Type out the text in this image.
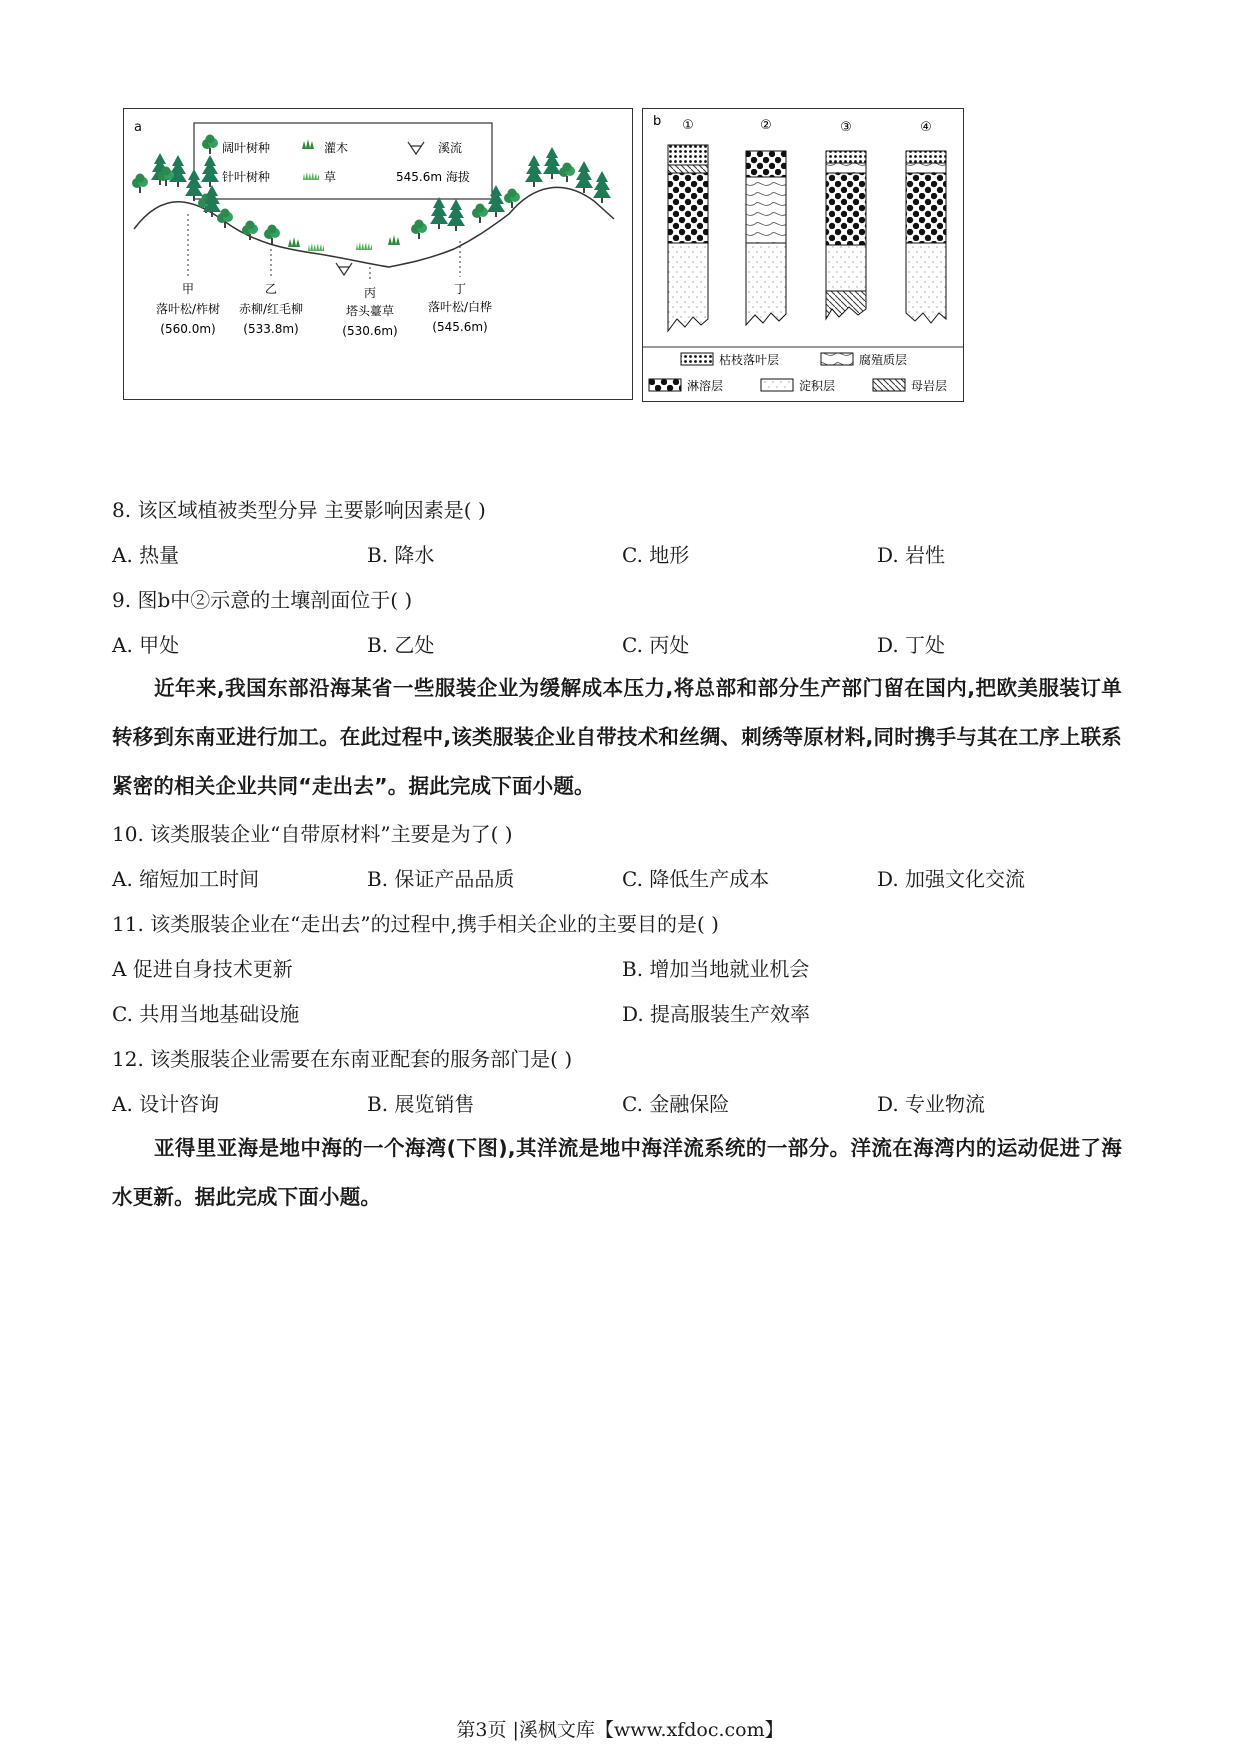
a
阔叶树种	灌木	溪流
针叶树种	草	545.6m 海拔
甲
落叶松/柞树
(560.0m)
乙
赤柳/红毛柳
(533.8m)
丙
塔头薹草
(530.6m)
丁
落叶松/白桦
(545.6m)
b ①	②	③	④
枯枝落叶层	腐殖质层
淋溶层	淀积层	母岩层
8. 该区域植被类型分异 主要影响因素是( )
A. 热量	B. 降水	C. 地形	D. 岩性
9. 图b中②示意的土壤剖面位于( )
A. 甲处	B. 乙处	C. 丙处	D. 丁处
近年来,我国东部沿海某省一些服装企业为缓解成本压力,将总部和部分生产部门留在国内,把欧美服装订单转移到东南亚进行加工。在此过程中,该类服装企业自带技术和丝绸、刺绣等原材料,同时携手与其在工序上联系紧密的相关企业共同“走出去”。据此完成下面小题。
10. 该类服装企业“自带原材料”主要是为了( )
A. 缩短加工时间	B. 保证产品品质	C. 降低生产成本	D. 加强文化交流
11. 该类服装企业在“走出去”的过程中,携手相关企业的主要目的是( )
A 促进自身技术更新	B. 增加当地就业机会
C. 共用当地基础设施	D. 提高服装生产效率
12. 该类服装企业需要在东南亚配套的服务部门是( )
A. 设计咨询	B. 展览销售	C. 金融保险	D. 专业物流
亚得里亚海是地中海的一个海湾(下图),其洋流是地中海洋流系统的一部分。洋流在海湾内的运动促进了海水更新。据此完成下面小题。
第3页 |溪枫文库【www.xfdoc.com】
